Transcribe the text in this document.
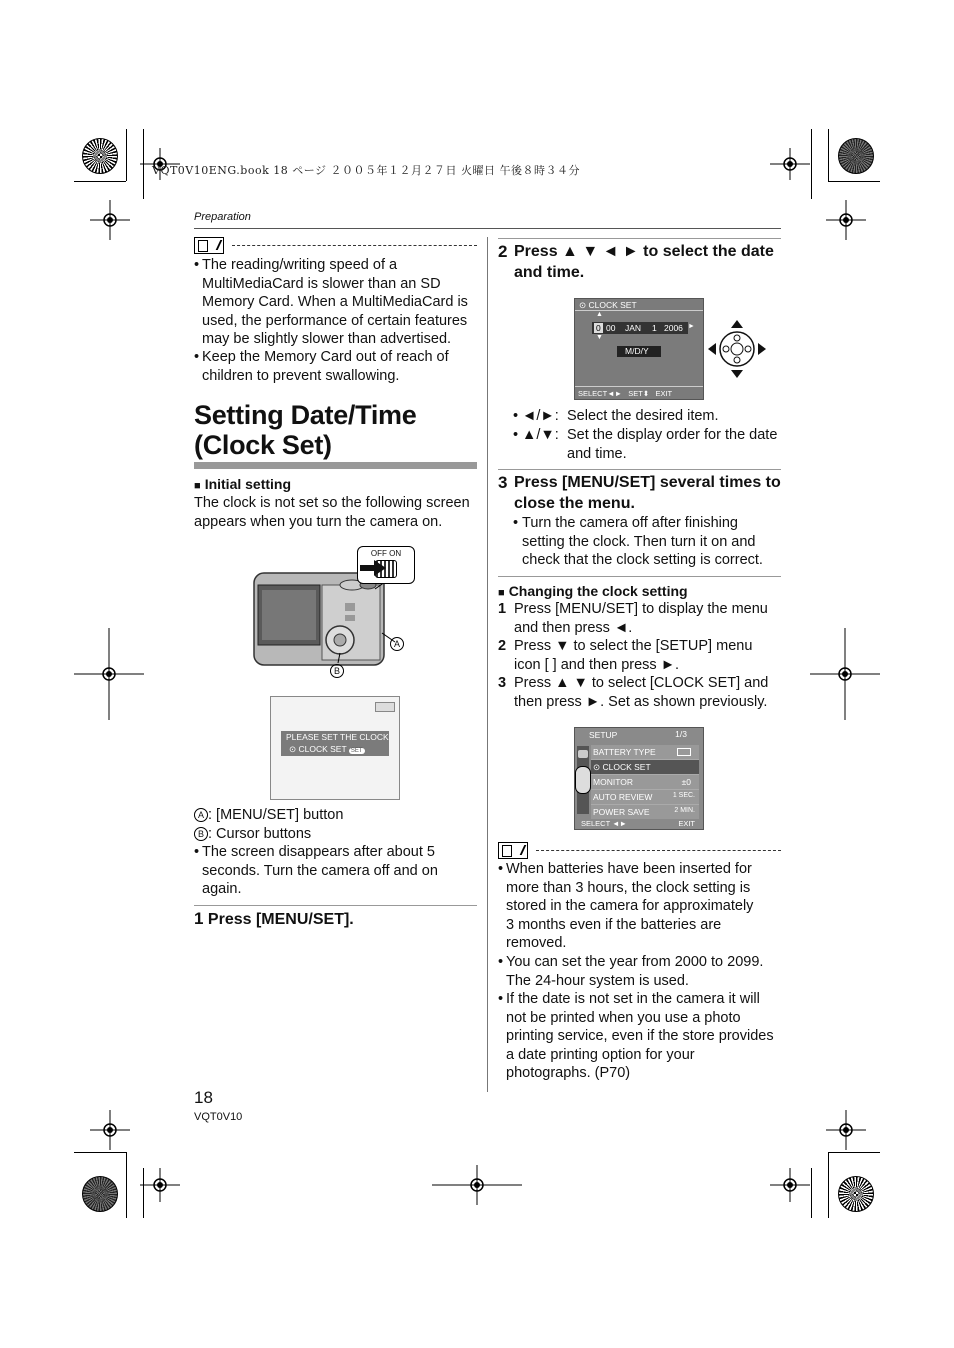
VQT0V10ENG.book 18 ページ ２００５年１２月２７日 火曜日 午後８時３４分
Preparation
• The reading/writing speed of a MultiMediaCard is slower than an SD Memory Card. When a MultiMediaCard is used, the performance of certain features may be slightly slower than advertised.
• Keep the Memory Card out of reach of children to prevent swallowing.
Setting Date/Time
(Clock Set)
■ Initial setting
The clock is not set so the following screen appears when you turn the camera on.
OFF ON
A
B
PLEASE SET THE CLOCK
⊙ CLOCK SET SET
A : [MENU/SET] button
B : Cursor buttons
• The screen disappears after about 5 seconds. Turn the camera off and on again.
1 Press [MENU/SET].
2 Press ▲ ▼ ◄ ► to select the date and time.
⊙ CLOCK SET
▲
0 00 JAN 1 2006 ►
▼
M/D/Y
SELECT◄►   SET⬍   EXIT
• ◄/►: Select the desired item.
• ▲/▼: Set the display order for the date and time.
3 Press [MENU/SET] several times to close the menu.
• Turn the camera off after finishing setting the clock. Then turn it on and check that the clock setting is correct.
■ Changing the clock setting
1 Press [MENU/SET] to display the menu and then press ◄.
2 Press ▼ to select the [SETUP] menu icon [ ] and then press ►.
3 Press ▲ ▼ to select [CLOCK SET] and then press ►. Set as shown previously.
SETUP	1/3
BATTERY TYPE
⊙ CLOCK SET
MONITOR	±0
AUTO REVIEW	1 SEC.
POWER SAVE	2 MIN.
SELECT ◄►	EXIT
• When batteries have been inserted for more than 3 hours, the clock setting is stored in the camera for approximately 3 months even if the batteries are removed.
• You can set the year from 2000 to 2099. The 24-hour system is used.
• If the date is not set in the camera it will not be printed when you use a photo printing service, even if the store provides a date printing option for your photographs. (P70)
18
VQT0V10
